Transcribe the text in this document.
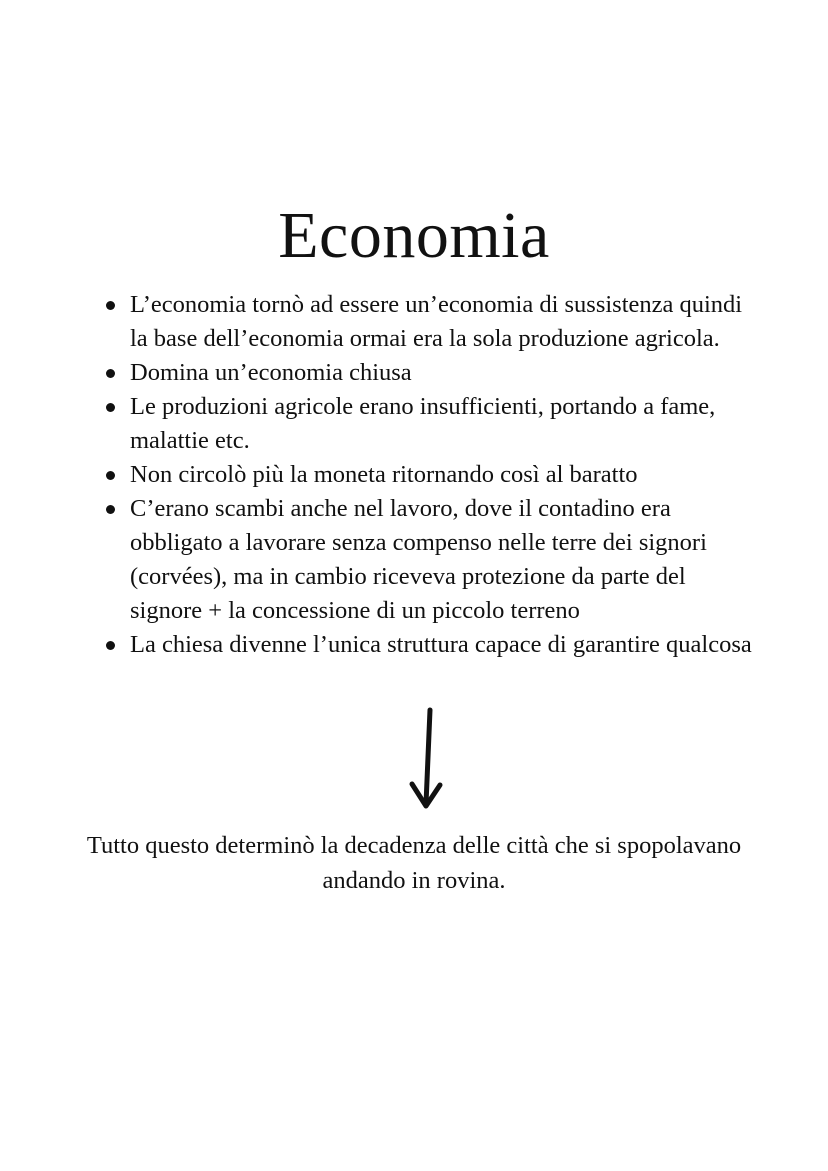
Economia
L’economia tornò ad essere un’economia di sussistenza quindi la base dell’economia ormai era la sola produzione agricola.
Domina un’economia chiusa
Le produzioni agricole erano insufficienti, portando a fame, malattie etc.
Non circolò più la moneta ritornando così al baratto
C’erano scambi anche nel lavoro, dove il contadino era obbligato a lavorare senza compenso nelle terre dei signori (corvées), ma in cambio riceveva protezione da parte del signore + la concessione di un piccolo terreno
La chiesa divenne l’unica struttura capace di garantire qualcosa

Tutto questo determinò la decadenza delle città che si spopolavano andando in rovina.
